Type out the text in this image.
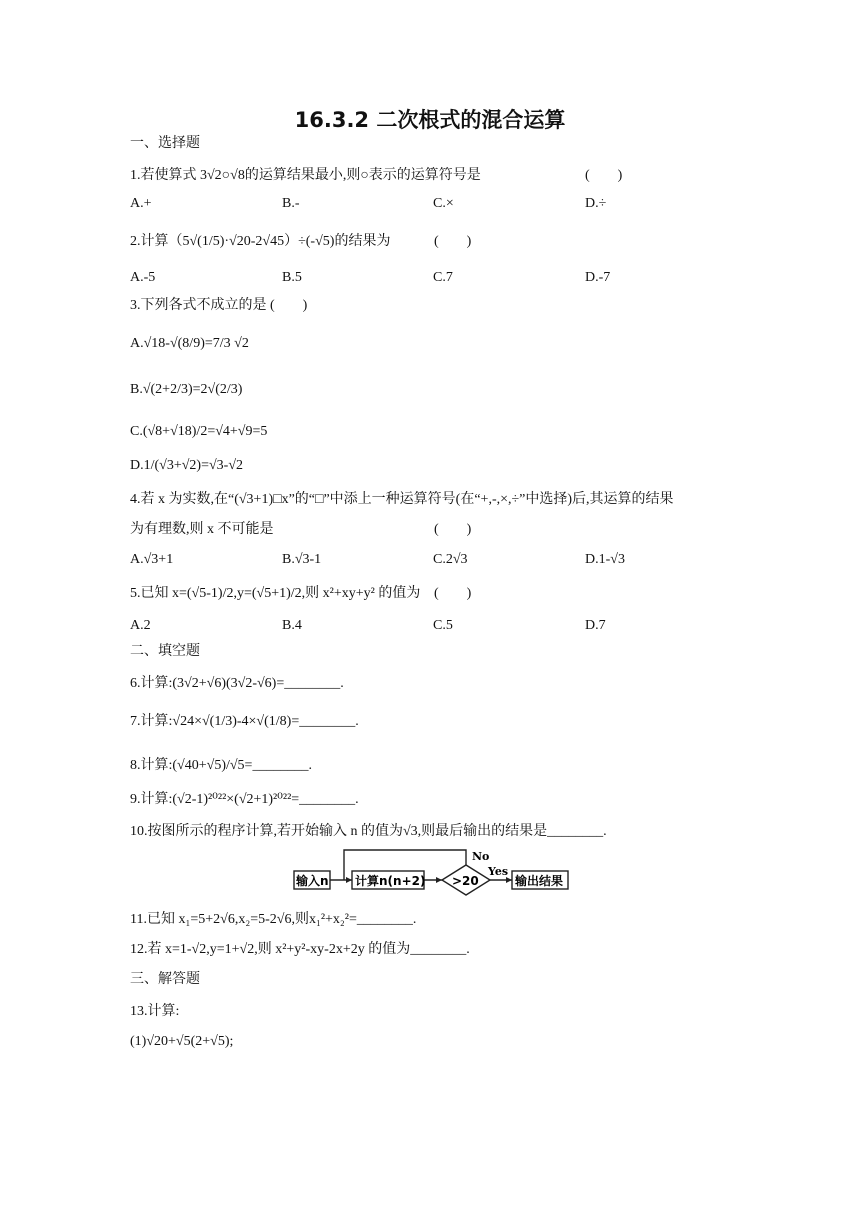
16.3.2 二次根式的混合运算
一、选择题
1.若使算式 3√2○√8的运算结果最小,则○表示的运算符号是	(　　)
A.+	B.-	C.×	D.÷
2.计算（5√(1/5)·√20-2√45）÷(-√5)的结果为	(　　)
A.-5	B.5	C.7	D.-7
3.下列各式不成立的是 (　　)
A.√18-√(8/9)=7/3 √2
B.√(2+2/3)=2√(2/3)
C.(√8+√18)/2=√4+√9=5
D.1/(√3+√2)=√3-√2
4.若 x 为实数,在“(√3+1)□x”的“□”中添上一种运算符号(在“+,-,×,÷”中选择)后,其运算的结果
为有理数,则 x 不可能是	(　　)
A.√3+1	B.√3-1	C.2√3	D.1-√3
5.已知 x=(√5-1)/2,y=(√5+1)/2,则 x²+xy+y² 的值为 (　　)
A.2	B.4	C.5	D.7
二、填空题
6.计算:(3√2+√6)(3√2-√6)=________.
7.计算:√24×√(1/3)-4×√(1/8)=________.
8.计算:(√40+√5)/√5=________.
9.计算:(√2-1)²⁰²²×(√2+1)²⁰²²=________.
10.按图所示的程序计算,若开始输入 n 的值为√3,则最后输出的结果是________.
输入n 计算n(n+2) >20
No
Yes
输出结果
11.已知 x₁=5+2√6,x₂=5-2√6,则x₁²+x₂²=________.
12.若 x=1-√2,y=1+√2,则 x²+y²-xy-2x+2y 的值为________.
三、解答题
13.计算:
(1)√20+√5(2+√5);
